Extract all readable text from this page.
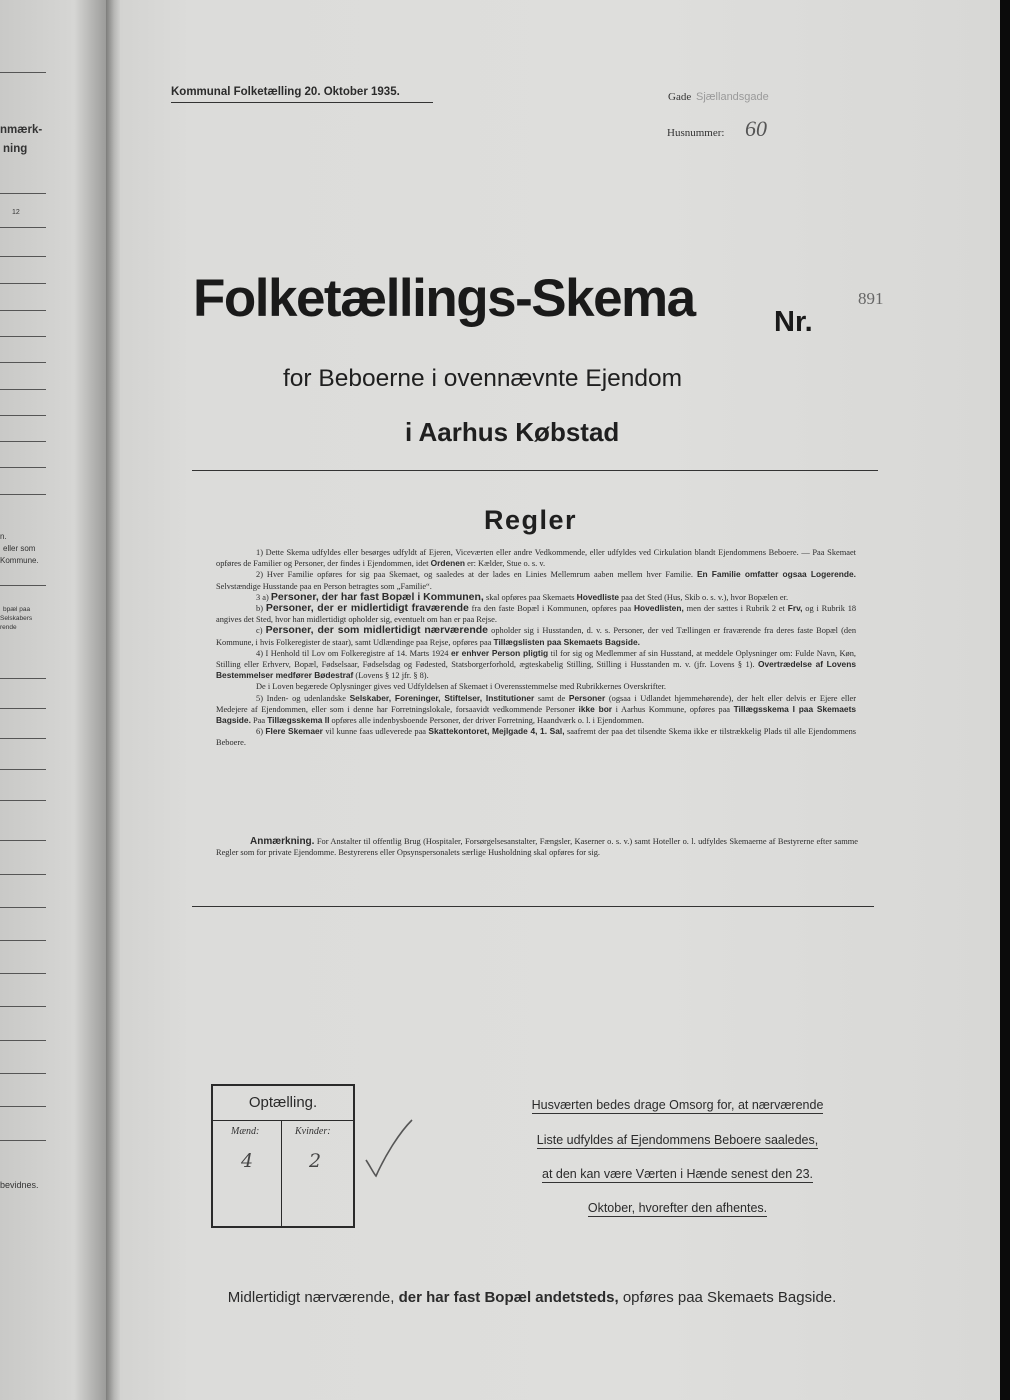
nmærk-
ning
12
n.
eller som
Kommune.
bpæl paa
Selskabers
rende
bevidnes.
Kommunal Folketælling 20. Oktober 1935.	Gade Sjællandsgade
Husnummer: 60
Folketællings-Skema	Nr.
891
for Beboerne i ovennævnte Ejendom
i Aarhus Købstad
Regler

1) Dette Skema udfyldes eller besørges udfyldt af Ejeren, Viceværten eller andre Vedkommende, eller udfyldes ved Cirkulation blandt Ejendommens Beboere. — Paa Skemaet opføres de Familier og Personer, der findes i Ejendommen, idet Ordenen er: Kælder, Stue o. s. v.

2) Hver Familie opføres for sig paa Skemaet, og saaledes at der lades en Linies Mellemrum aaben mellem hver Familie. En Familie omfatter ogsaa Logerende. Selvstændige Husstande paa en Person betragtes som „Familie“.

3 a) Personer, der har fast Bopæl i Kommunen, skal opføres paa Skemaets Hovedliste paa det Sted (Hus, Skib o. s. v.), hvor Bopælen er.

b) Personer, der er midlertidigt fraværende fra den faste Bopæl i Kommunen, opføres paa Hovedlisten, men der sættes i Rubrik 2 et Frv, og i Rubrik 18 angives det Sted, hvor han midlertidigt opholder sig, eventuelt om han er paa Rejse.

c) Personer, der som midlertidigt nærværende opholder sig i Husstanden, d. v. s. Personer, der ved Tællingen er fraværende fra deres faste Bopæl (den Kommune, i hvis Folkeregister de staar), samt Udlændinge paa Rejse, opføres paa Tillægslisten paa Skemaets Bagside.

4) I Henhold til Lov om Folkeregistre af 14. Marts 1924 er enhver Person pligtig til for sig og Medlemmer af sin Husstand, at meddele Oplysninger om: Fulde Navn, Køn, Stilling eller Erhverv, Bopæl, Fødselsaar, Fødselsdag og Fødested, Statsborgerforhold, ægteskabelig Stilling, Stilling i Husstanden m. v. (jfr. Lovens § 1). Overtrædelse af Lovens Bestemmelser medfører Bødestraf (Lovens § 12 jfr. § 8).

De i Loven begærede Oplysninger gives ved Udfyldelsen af Skemaet i Overensstemmelse med Rubrikkernes Overskrifter.

5) Inden- og udenlandske Selskaber, Foreninger, Stiftelser, Institutioner samt de Personer (ogsaa i Udlandet hjemmehørende), der helt eller delvis er Ejere eller Medejere af Ejendommen, eller som i denne har Forretningslokale, forsaavidt vedkommende Personer ikke bor i Aarhus Kommune, opføres paa Tillægsskema I paa Skemaets Bagside. Paa Tillægsskema II opføres alle indenbysboende Personer, der driver Forretning, Haandværk o. l. i Ejendommen.

6) Flere Skemaer vil kunne faas udleverede paa Skattekontoret, Mejlgade 4, 1. Sal, saafremt der paa det tilsendte Skema ikke er tilstrækkelig Plads til alle Ejendommens Beboere.

Anmærkning. For Anstalter til offentlig Brug (Hospitaler, Forsørgelsesanstalter, Fængsler, Kaserner o. s. v.) samt Hoteller o. l. udfyldes Skemaerne af Bestyrerne efter samme Regler som for private Ejendomme. Bestyrerens eller Opsynspersonalets særlige Husholdning skal opføres for sig.

Optælling.
Mænd:	Kvinder:
4	2
Husværten bedes drage Omsorg for, at nærværende
Liste udfyldes af Ejendommens Beboere saaledes,
at den kan være Værten i Hænde senest den 23.
Oktober, hvorefter den afhentes.
Midlertidigt nærværende, der har fast Bopæl andetsteds, opføres paa Skemaets Bagside.
